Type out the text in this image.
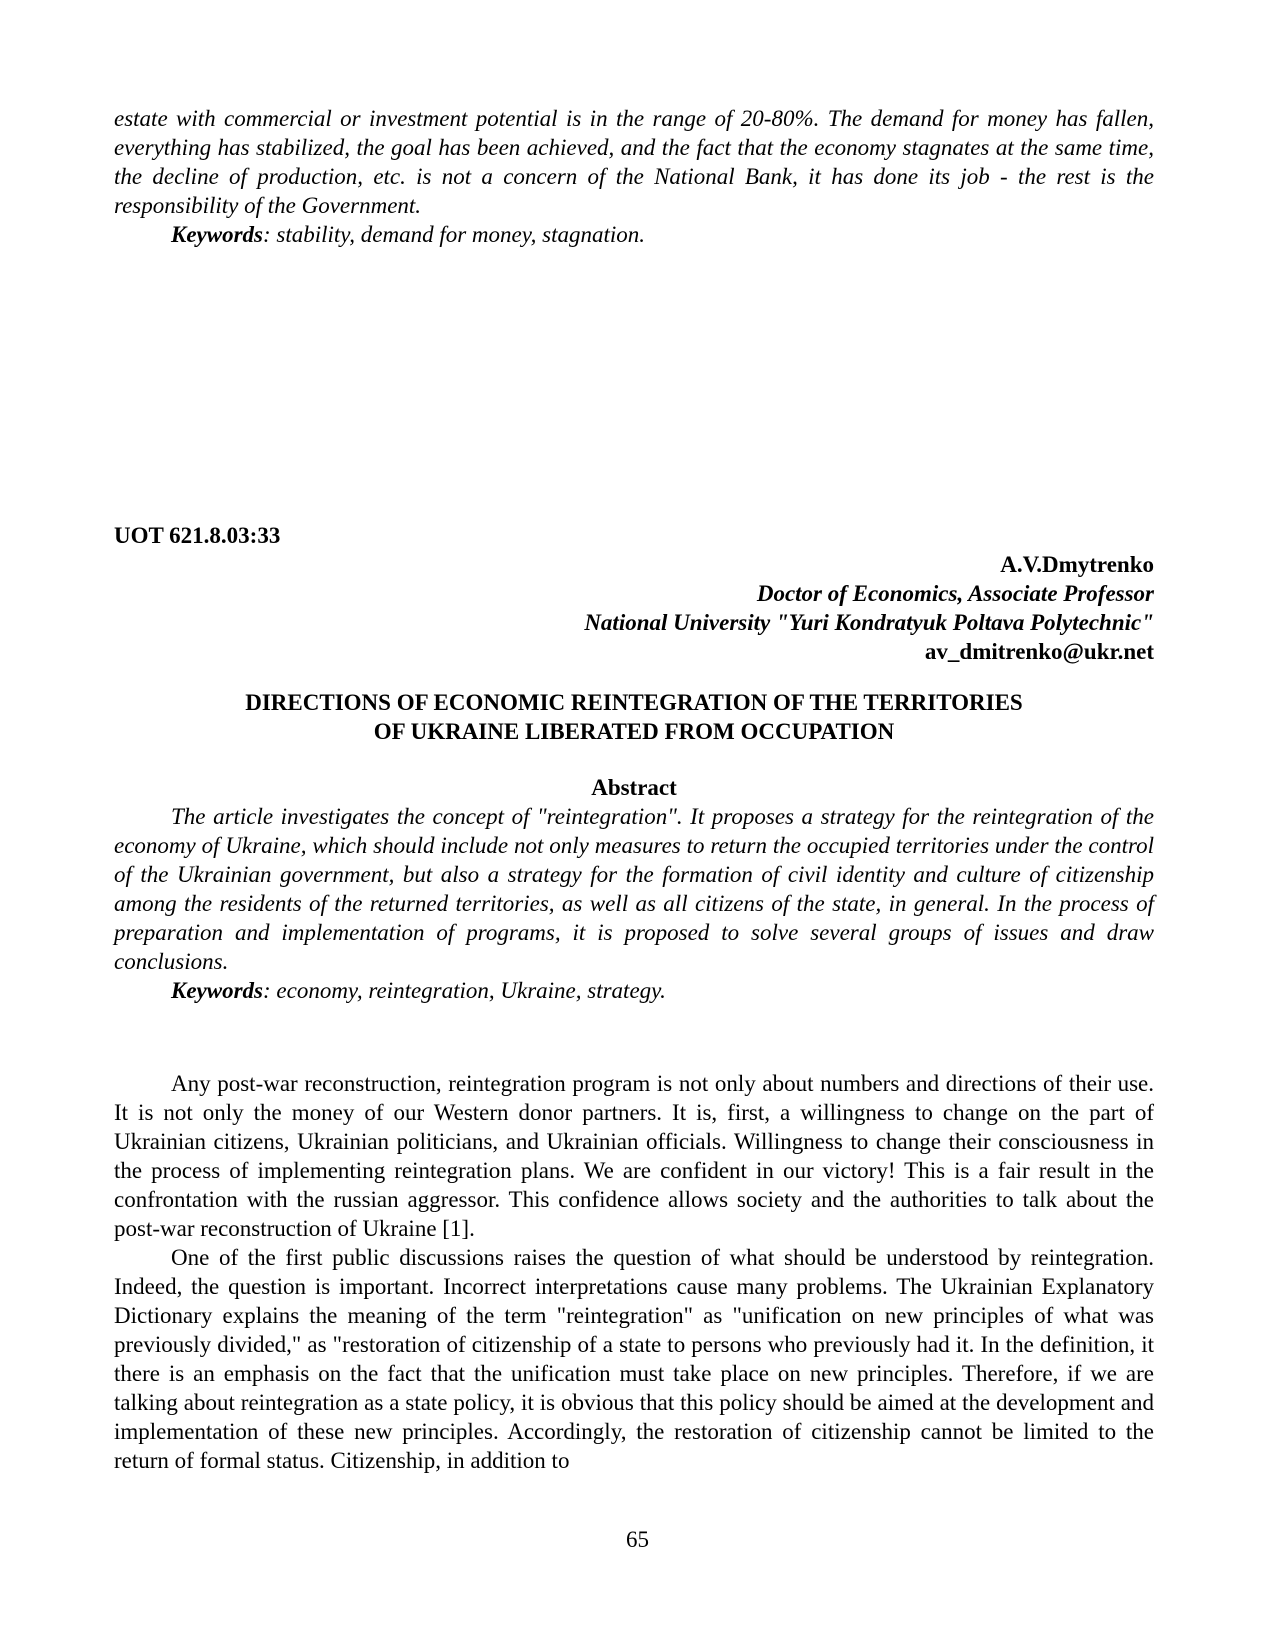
estate with commercial or investment potential is in the range of 20-80%. The demand for money has fallen, everything has stabilized, the goal has been achieved, and the fact that the economy stagnates at the same time, the decline of production, etc. is not a concern of the National Bank, it has done its job - the rest is the responsibility of the Government.

Keywords: stability, demand for money, stagnation.

UOT 621.8.03:33

A.V.Dmytrenko

Doctor of Economics, Associate Professor

National University "Yuri Kondratyuk Poltava Polytechnic"

av_dmitrenko@ukr.net

DIRECTIONS OF ECONOMIC REINTEGRATION OF THE TERRITORIES

OF UKRAINE LIBERATED FROM OCCUPATION

Abstract

The article investigates the concept of "reintegration". It proposes a strategy for the reintegration of the economy of Ukraine, which should include not only measures to return the occupied territories under the control of the Ukrainian government, but also a strategy for the formation of civil identity and culture of citizenship among the residents of the returned territories, as well as all citizens of the state, in general. In the process of preparation and implementation of programs, it is proposed to solve several groups of issues and draw conclusions.

Keywords: economy, reintegration, Ukraine, strategy.

Any post-war reconstruction, reintegration program is not only about numbers and directions of their use. It is not only the money of our Western donor partners. It is, first, a willingness to change on the part of Ukrainian citizens, Ukrainian politicians, and Ukrainian officials. Willingness to change their consciousness in the process of implementing reintegration plans. We are confident in our victory! This is a fair result in the confrontation with the russian aggressor. This confidence allows society and the authorities to talk about the post-war reconstruction of Ukraine [1].

One of the first public discussions raises the question of what should be understood by reintegration. Indeed, the question is important. Incorrect interpretations cause many problems. The Ukrainian Explanatory Dictionary explains the meaning of the term "reintegration" as "unification on new principles of what was previously divided," as "restoration of citizenship of a state to persons who previously had it. In the definition, it there is an emphasis on the fact that the unification must take place on new principles. Therefore, if we are talking about reintegration as a state policy, it is obvious that this policy should be aimed at the development and implementation of these new principles. Accordingly, the restoration of citizenship cannot be limited to the return of formal status. Citizenship, in addition to

65
